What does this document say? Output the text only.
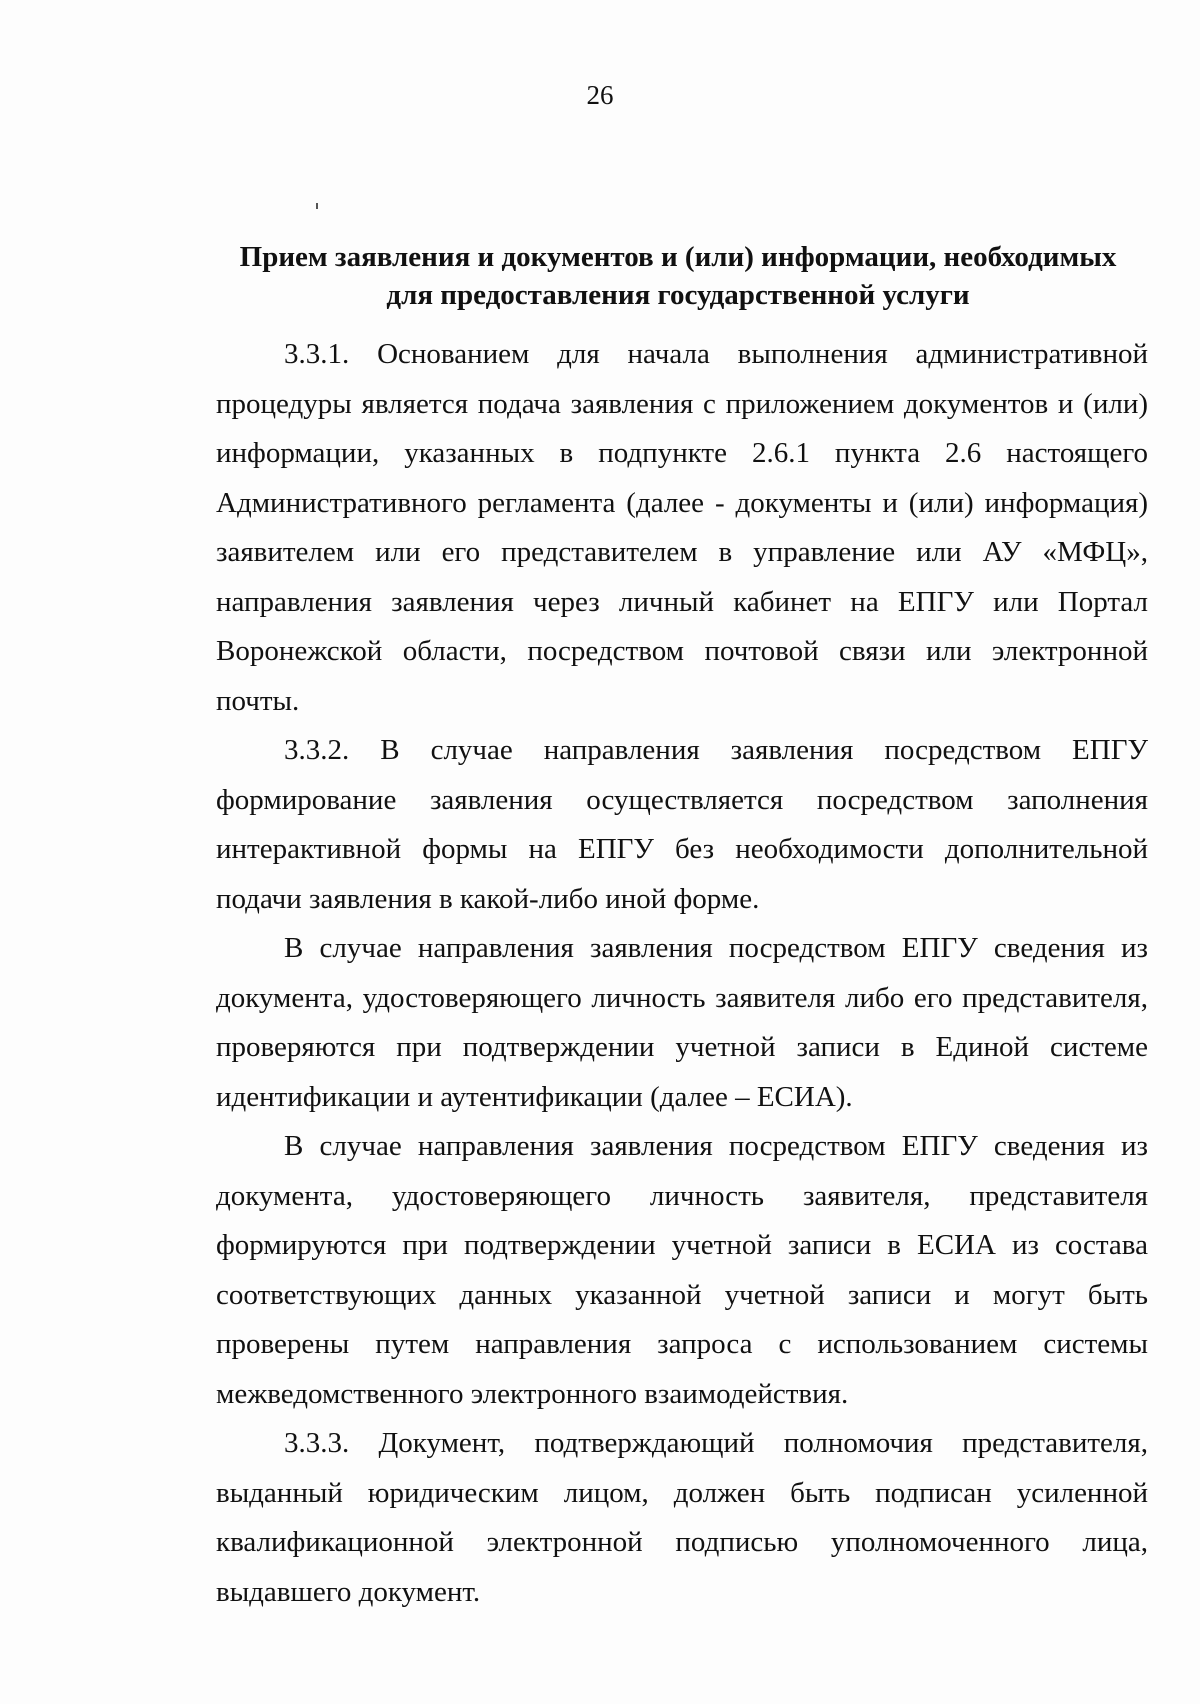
26
Прием заявления и документов и (или) информации, необходимых
для предоставления государственной услуги

3.3.1. Основанием для начала выполнения административной процедуры является подача заявления с приложением документов и (или) информации, указанных в подпункте 2.6.1 пункта 2.6 настоящего Административного регламента (далее - документы и (или) информация) заявителем или его представителем в управление или АУ «МФЦ», направления заявления через личный кабинет на ЕПГУ или Портал Воронежской области, посредством почтовой связи или электронной почты.

3.3.2. В случае направления заявления посредством ЕПГУ формирование заявления осуществляется посредством заполнения интерактивной формы на ЕПГУ без необходимости дополнительной подачи заявления в какой-либо иной форме.

В случае направления заявления посредством ЕПГУ сведения из документа, удостоверяющего личность заявителя либо его представителя, проверяются при подтверждении учетной записи в Единой системе идентификации и аутентификации (далее – ЕСИА).

В случае направления заявления посредством ЕПГУ сведения из документа, удостоверяющего личность заявителя, представителя формируются при подтверждении учетной записи в ЕСИА из состава соответствующих данных указанной учетной записи и могут быть проверены путем направления запроса с использованием системы межведомственного электронного взаимодействия.

3.3.3. Документ, подтверждающий полномочия представителя, выданный юридическим лицом, должен быть подписан усиленной квалификационной электронной подписью уполномоченного лица, выдавшего документ.
